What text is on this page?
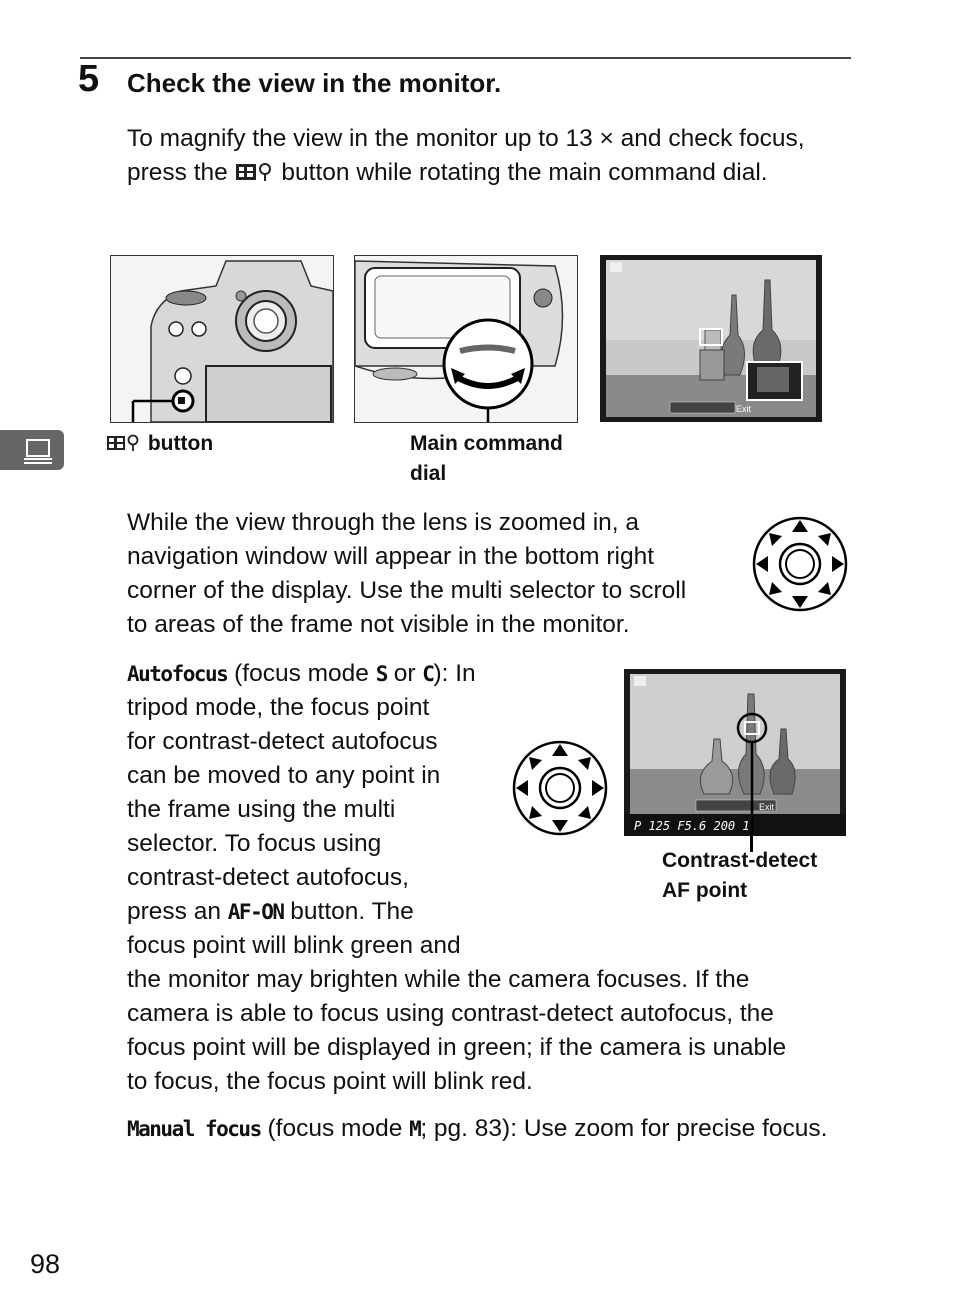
5 Check the view in the monitor.
To magnify the view in the monitor up to 13 × and check focus, press the  button while rotating the main command dial.
Exit
button	Main command
dial
While the view through the lens is zoomed in, a
navigation window will appear in the bottom right
corner of the display. Use the multi selector to scroll
to areas of the frame not visible in the monitor.
Autofocus (focus mode S or C): In
tripod mode, the focus point
for contrast-detect autofocus
can be moved to any point in
the frame using the multi
selector. To focus using
contrast-detect autofocus,
press an AF-ON button. The
focus point will blink green and
the monitor may brighten while the camera focuses. If the
camera is able to focus using contrast-detect autofocus, the
focus point will be displayed in green; if the camera is unable
to focus, the focus point will blink red.
Exit
P 125 F5.6 200 1
Contrast-detect
AF point
Manual focus (focus mode M; pg. 83): Use zoom for precise focus.
98
